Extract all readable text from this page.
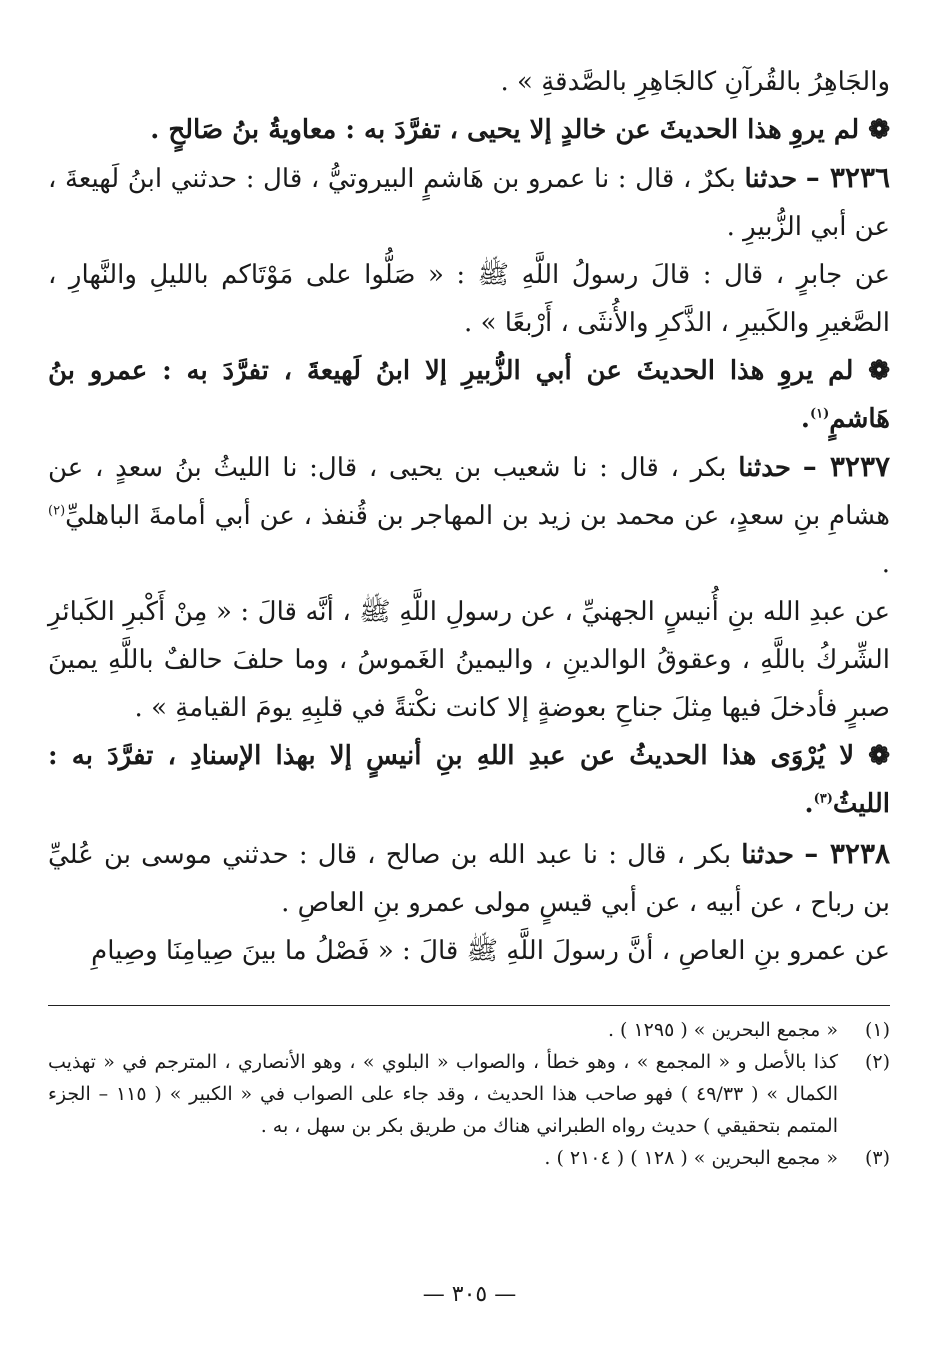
والجَاهِرُ بالقُرآنِ كالجَاهِرِ بالصَّدقةِ » .

❁ لم يروِ هذا الحديثَ عن خالدٍ إلا يحيى ، تفرَّدَ به : معاويةُ بنُ صَالحٍ .

٣٢٣٦ – حدثنا بكرٌ ، قال : نا عمرو بن هَاشمٍ البيروتيُّ ، قال : حدثني ابنُ لَهيعةَ ، عن أبي الزُّبيرِ .

عن جابرٍ ، قال : قالَ رسولُ اللَّهِ ﷺ : « صَلُّوا على مَوْتَاكم بالليلِ والنَّهارِ ، الصَّغيرِ والكَبيرِ ، الذَّكرِ والأُنثَى ، أَرْبعًا » .

❁ لم يروِ هذا الحديثَ عن أبي الزُّبيرِ إلا ابنُ لَهيعةَ ، تفرَّدَ به : عمرو بنُ هَاشمٍ$^{(١)}$.

٣٢٣٧ – حدثنا بكر ، قال : نا شعيب بن يحيى ، قال: نا الليثُ بنُ سعدٍ ، عن هشامِ بنِ سعدٍ، عن محمد بن زيد بن المهاجر بن قُنفذ ، عن أبي أمامةَ الباهليِّ$^{(٢)}$ .

عن عبدِ الله بنِ أُنيسٍ الجهنيِّ ، عن رسولِ اللَّهِ ﷺ ، أنَّه قالَ : « مِنْ أَكْبرِ الكَبائرِ الشِّركُ باللَّهِ ، وعقوقُ الوالدينِ ، واليمينُ الغَموسُ ، وما حلفَ حالفٌ باللَّهِ يمينَ صبرٍ فأدخلَ فيها مِثلَ جناحِ بعوضةٍ إلا كانت نكْتةً في قلبِهِ يومَ القيامةِ » .

❁ لا يُرْوَى هذا الحديثُ عن عبدِ اللهِ بنِ أنيسٍ إلا بهذا الإسنادِ ، تفرَّدَ به : الليثُ$^{(٣)}$.

٣٢٣٨ – حدثنا بكر ، قال : نا عبد الله بن صالح ، قال : حدثني موسى بن عُليِّ بن رباح ، عن أبيه ، عن أبي قيسٍ مولى عمرو بنِ العاصِ .

عن عمرو بنِ العاصِ ، أنَّ رسولَ اللَّهِ ﷺ قالَ : « فَصْلُ ما بينَ صِيامِنَا وصِيامِ

(١)
« مجمع البحرين » ( ١٢٩٥ ) .

(٢)
كذا بالأصل و « المجمع » ، وهو خطأ ، والصواب « البلوي » ، وهو الأنصاري ، المترجم في « تهذيب الكمال » ( ٤٩/٣٣ ) فهو صاحب هذا الحديث ، وقد جاء على الصواب في « الكبير » ( ١١٥ – الجزء المتمم بتحقيقي ) حديث رواه الطبراني هناك من طريق بكر بن سهل ، به .

(٣)
« مجمع البحرين » ( ١٢٨ ) ( ٢١٠٤ ) .

— ٣٠٥ —
